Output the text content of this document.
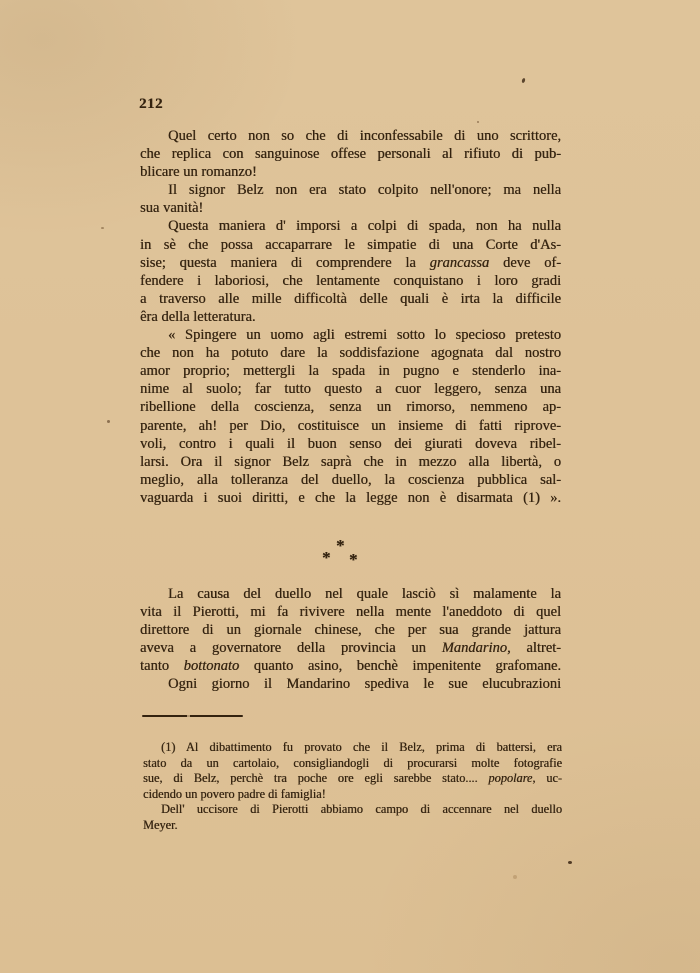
212
Quel certo non so che di inconfessabile di uno scrittore,
che replica con sanguinose offese personali al rifiuto di pub-
blicare un romanzo!
Il signor Belz non era stato colpito nell'onore; ma nella
sua vanità!
Questa maniera d' imporsi a colpi di spada, non ha nulla
in sè che possa accaparrare le simpatie di una Corte d'As-
sise; questa maniera di comprendere la grancassa deve of-
fendere i laboriosi, che lentamente conquistano i loro gradi
a traverso alle mille difficoltà delle quali è irta la difficile
êra della letteratura.
« Spingere un uomo agli estremi sotto lo specioso pretesto
che non ha potuto dare la soddisfazione agognata dal nostro
amor proprio; mettergli la spada in pugno e stenderlo ina-
nime al suolo; far tutto questo a cuor leggero, senza una
ribellione della coscienza, senza un rimorso, nemmeno ap-
parente, ah! per Dio, costituisce un insieme di fatti riprove-
voli, contro i quali il buon senso dei giurati doveva ribel-
larsi. Ora il signor Belz saprà che in mezzo alla libertà, o
meglio, alla tolleranza del duello, la coscienza pubblica sal-
vaguarda i suoi diritti, e che la legge non è disarmata (1) ».
*
* *
La causa del duello nel quale lasciò sì malamente la
vita il Pierotti, mi fa rivivere nella mente l'aneddoto di quel
direttore di un giornale chinese, che per sua grande jattura
aveva a governatore della provincia un Mandarino, altret-
tanto bottonato quanto asino, benchè impenitente grafomane.
Ogni giorno il Mandarino spediva le sue elucubrazioni
(1) Al dibattimento fu provato che il Belz, prima di battersi, era
stato da un cartolaio, consigliandogli di procurarsi molte fotografie
sue, di Belz, perchè tra poche ore egli sarebbe stato.... popolare, uc-
cidendo un povero padre di famiglia!
Dell' uccisore di Pierotti abbiamo campo di accennare nel duello
Meyer.
